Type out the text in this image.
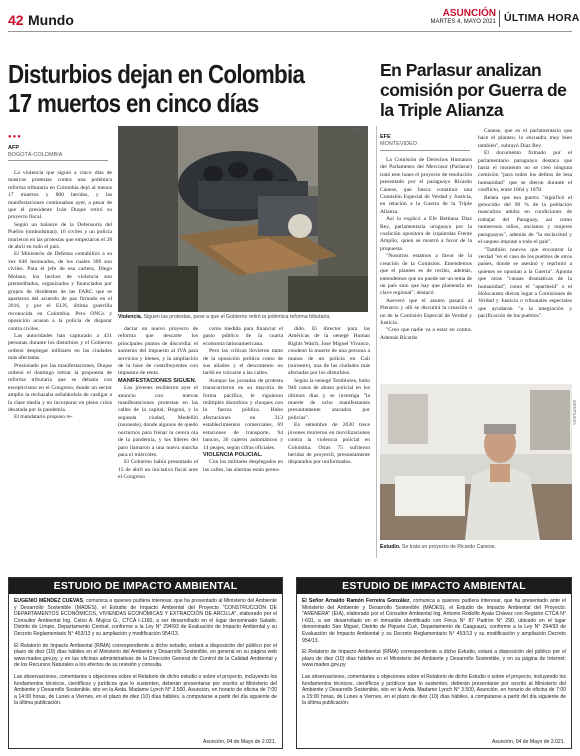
42 Mundo	ASUNCIÓN
MARTES 4, MAYO 2021 ÚLTIMA HORA
Disturbios dejan en Colombia 17 muertos en cinco días
●●●
AFP
BOGOTÁ-COLOMBIA

La violencia que siguió a cinco días de masivas protestas contra una polémica reforma tributaria en Colombia dejó al menos 17 muertos y 800 heridos, y las manifestaciones continuaban ayer, a pesar de que el presidente Iván Duque retiró su proyecto fiscal.

Según un balance de la Defensoría del Pueblo (ombudsman), 16 civiles y un policía murieron en las protestas que empezaron el 28 de abril en todo el país.

El Ministerio de Defensa contabilizó a su vez 846 lesionados, de los cuales 306 son civiles. Para el jefe de esa cartera, Diego Molano, los hechos de violencia son premeditados, organizados y financiados por grupos de disidentes de las FARC que se apartaron del acuerdo de paz firmado en el 2016, y por el ELN, última guerrilla reconocida en Colombia. Pero ONGs y oposición acusan a la policía de disparar contra civiles.

Las autoridades han capturado a 431 personas durante los disturbios y el Gobierno ordenó desplegar militares en las ciudades más afectadas.

Presionado por las manifestaciones, Duque ordenó el domingo retirar la propuesta de reforma tributaria que se debatía con escepticismo en el Congreso, donde un sector amplio la rechazaba señalándola de castigar a la clase media y no incorporar en pleno crisis desatada por la pandemia.

El mandatario propuso re-

EFE
Violencia. Siguen las protestas, pese a que el Gobierno retiró la polémica reforma tributaria.

dactar un nuevo proyecto de reforma que descarte los principales puntos de discordia: el aumento del impuesto al IVA para servicios y bienes, y la ampliación de la base de contribuyentes con impuesto de renta.

MANIFESTACIONES SIGUEN.

Los jóvenes recibieron ayer el anuncio con nuevas manifestaciones protestan en las calles de la capital, Bogotá, y la segunda ciudad, Medellín (noroeste), donde algunos de quedó nocturnos para frenar la cerera ola de la pandemia, y los líderes del paro llamaron a una nueva marcha para el miércoles.

El Gobierno había presentado el 15 de abril un iniciativa fiscal ante el Congreso

como medida para financiar el gasto público de la cuarta economía latinoamericana.

Pero las críticas llovieron tanto de la oposición política como de sus aliados y el descontento no tardó en volcarse a las calles.

Aunque las jornadas de protesta transcurrieron en su mayoría de forma pacífica, le siguieron múltiples disturbios y choques con la fuerza pública. Hubo afectaciones en 313 establecimientos comerciales, 69 estaciones de transporte, 94 bancos, 36 cajeros automáticos y 14 peajes, según cifras oficiales.

VIOLENCIA POLICIAL.

Con los militares desplegados en las calles, las alarmas están preno-

dido. El director para las Américas de la oenegé Human Rights Watch, José Miguel Vivanco, condenó la muerte de una persona a manos de un policía en Cali (suroeste), una de las ciudades más afectadas por los disturbios.

Según la oenegé Temblores, hubo 940 casos de abuso policial en los últimos días y se investiga "la muerte de ocho manifestantes presuntamente atacados por policías".

En setiembre de 2020 trece jóvenes murieron en movilizaciones contra la violencia policial en Colombia. Otras 75 sufrieron heridas de proyectil, presuntamente disparados por uniformados.

En Parlasur analizan comisión por Guerra de la Triple Alianza
EFE
MONTEVIDEO

La Comisión de Derechos Humanos del Parlamento del Mercosur (Parlasur) trató este lunes el proyecto de resolución presentado por el paraguayo Ricardo Canese, que busca constituir una Comisión Especial de Verdad y Justicia, en relación a la Guerra de la Triple Alianza.

Así lo explicó a Efe Bettiana Díaz Rey, parlamentaria uruguaya por la coalición opositora de izquierdas Frente Amplio, quien se mostró a favor de la propuesta.

"Nosotros estamos a favor de la creación de la Comisión. Entendemos que el planteo es de recibo, además, entendemos que no puede ser un tema de un país sino que hay que plantearlo en clave regional", destacó.

Aseveró que el asunto pasará al Plenario y allí se discutirá la creación o no de la Comisión Especial de Verdad y Justicia.

"Creo que nadie va a estar en contra. Además Ricardo

Canese, que es el parlamentario que hace el planteo, lo encuadra muy bien también", subrayó Díaz Rey.

El documento firmado por el parlamentario paraguayo destaca que hasta el momento no se creó ninguna comisión "para todos los delitos de lesa humanidad" que se dieron durante el conflicto, entre 1864 y 1870.

Relata que esa guerra "significó el genocidio del 90 % de la población masculina adulta en condiciones de trabajar del Paraguay, así como numerosos niños, ancianos y mujeres paraguayos", además de "la esclavitud y el saqueo impune a todo el país".

"También nuevos que encontrar la verdad "en el caso de los pueblos de otros países, donde se asesinó y reprimió a quienes se oponían a la Guerra". Apunta que otras "causas dramáticas de la humanidad", como el "apartheid" o el Holocausto dieron lugar a Comisiones de Verdad y Justicia o tribunales especiales que ayudaron "a la integración y pacificación de los pueblos".

GENTILEZA
Estudio. Se trata un proyecto de Ricardo Canese.
ESTUDIO DE IMPACTO AMBIENTAL

EUGENIO MÉNDEZ CUEVAS, comunica a quienes pudiera interesar, que ha presentado al Ministerio del Ambiente y Desarrollo Sostenible (MADES), el Estudio de Impacto Ambiental del Proyecto "CONSTRUCCIÓN DE DEPARTAMENTOS ECONÓMICOS, VIVIENDAS ECONÓMICAS Y EXTRACCIÓN DE ARCILLA", elaborado por el Consultor Ambiental Ing. Celso A. Mujica G., CTCA I-1160, a ser desarrollado en el lugar denominado Salado, Distrito de Limpio, Departamento Central, conforme a la Ley N° 294/93 de Evaluación de Impacto Ambiental y su Decreto Reglamentario N° 453/13 y su ampliación y modificación 954/13.

El Relatorio de Impacto Ambiental (RIMA) correspondiente a dicho estudio, estará a disposición del público por el plazo de diez (10) días hábiles en el Ministerio del Ambiente y Desarrollo Sostenible, en general en su página web www.mades.gov.py, y en las oficinas administrativas de la Dirección General de Control de la Calidad Ambiental y de los Recursos Naturales a los efectos de su revisión y consulta.

Las observaciones, comentarios u objeciones sobre el Relatorio de dicho estudio o sobre el proyecto, incluyendo los fundamentos técnicos, científicos y jurídicos que lo sustenten, deberán presentarse por escrito al Ministerio del Ambiente y Desarrollo Sostenible, sito en la Avda. Madame Lynch N° 3.500, Asunción, en horario de oficina de 7:00 a 14:00 horas, de Lunes a Viernes, en el plazo de diez (10) días hábiles, a computarse a partir del día siguiente de la última publicación.

Asunción, 04 de Mayo de 2.021.
ESTUDIO DE IMPACTO AMBIENTAL

El Señor Arnaldo Ramón Ferreira González, comunica a quienes pudiera interesar, que ha presentado ante el Ministerio del Ambiente y Desarrollo Sostenible (MADES), el Estudio de Impacto Ambiental del Proyecto: "ARENERA" (EIA), elaborado por el Consultor Ambiental Ing. Antonio Rodolfo Ayala Chávez con Registro CTCA N° I-691, a ser desarrollado en el inmueble identificado con Finca N° 87 Padrón N° 290, ubicado en el lugar denominado San Miguel, Distrito de Piquete Cué, Departamento de Caaguazú, conforme a la Ley N° 294/93 de Evaluación de Impacto Ambiental y su Decreto Reglamentario N° 453/13 y su modificación y ampliación Decreto 954/13.

El Relatorio de Impacto Ambiental (RIMA) correspondiente a dicho Estudio, estará a disposición del público por el plazo de diez (10) días hábiles en el Ministerio del Ambiente y Desarrollo Sostenible, y en su página de Internet: www.mades.gov.py

Las observaciones, comentarios u objeciones sobre el Relatorio de dicho Estudio o sobre el proyecto, incluyendo los fundamentos técnicos, científicos y jurídicos que lo sustenten, deberán presentarse por escrito al Ministerio del Ambiente y Desarrollo Sostenible, sito en la Avda. Madame Lynch N° 3.500, Asunción, en horario de oficina de 7:00 a 15:00 horas, de Lunes a Viernes, en el plazo de diez (10) días hábiles, a computarse a partir del día siguiente de la última publicación.

Asunción, 04 de Mayo de 2.021.
